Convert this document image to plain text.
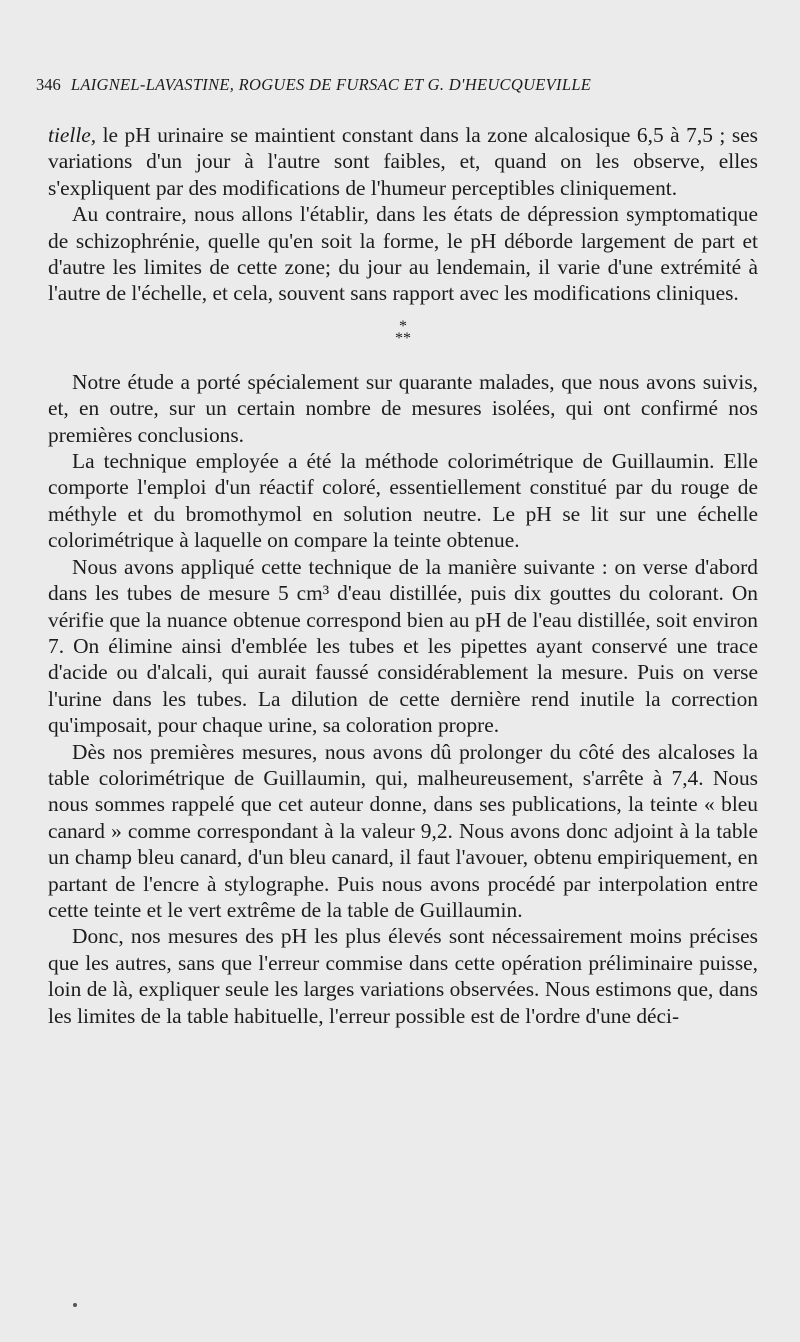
346 LAIGNEL-LAVASTINE, ROGUES DE FURSAC ET G. D'HEUCQUEVILLE

tielle, le pH urinaire se maintient constant dans la zone alcalosique 6,5 à 7,5 ; ses variations d'un jour à l'autre sont faibles, et, quand on les observe, elles s'expliquent par des modifications de l'humeur perceptibles cliniquement.

Au contraire, nous allons l'établir, dans les états de dépression symptomatique de schizophrénie, quelle qu'en soit la forme, le pH déborde largement de part et d'autre les limites de cette zone; du jour au lendemain, il varie d'une extrémité à l'autre de l'échelle, et cela, souvent sans rapport avec les modifications cliniques.

*
**

Notre étude a porté spécialement sur quarante malades, que nous avons suivis, et, en outre, sur un certain nombre de mesures isolées, qui ont confirmé nos premières conclusions.

La technique employée a été la méthode colorimétrique de Guillaumin. Elle comporte l'emploi d'un réactif coloré, essentiellement constitué par du rouge de méthyle et du bromothymol en solution neutre. Le pH se lit sur une échelle colorimétrique à laquelle on compare la teinte obtenue.

Nous avons appliqué cette technique de la manière suivante : on verse d'abord dans les tubes de mesure 5 cm³ d'eau distillée, puis dix gouttes du colorant. On vérifie que la nuance obtenue correspond bien au pH de l'eau distillée, soit environ 7. On élimine ainsi d'emblée les tubes et les pipettes ayant conservé une trace d'acide ou d'alcali, qui aurait faussé considérablement la mesure. Puis on verse l'urine dans les tubes. La dilution de cette dernière rend inutile la correction qu'imposait, pour chaque urine, sa coloration propre.

Dès nos premières mesures, nous avons dû prolonger du côté des alcaloses la table colorimétrique de Guillaumin, qui, malheureusement, s'arrête à 7,4. Nous nous sommes rappelé que cet auteur donne, dans ses publications, la teinte « bleu canard » comme correspondant à la valeur 9,2. Nous avons donc adjoint à la table un champ bleu canard, d'un bleu canard, il faut l'avouer, obtenu empiriquement, en partant de l'encre à stylographe. Puis nous avons procédé par interpolation entre cette teinte et le vert extrême de la table de Guillaumin.

Donc, nos mesures des pH les plus élevés sont nécessairement moins précises que les autres, sans que l'erreur commise dans cette opération préliminaire puisse, loin de là, expliquer seule les larges variations observées. Nous estimons que, dans les limites de la table habituelle, l'erreur possible est de l'ordre d'une déci-
